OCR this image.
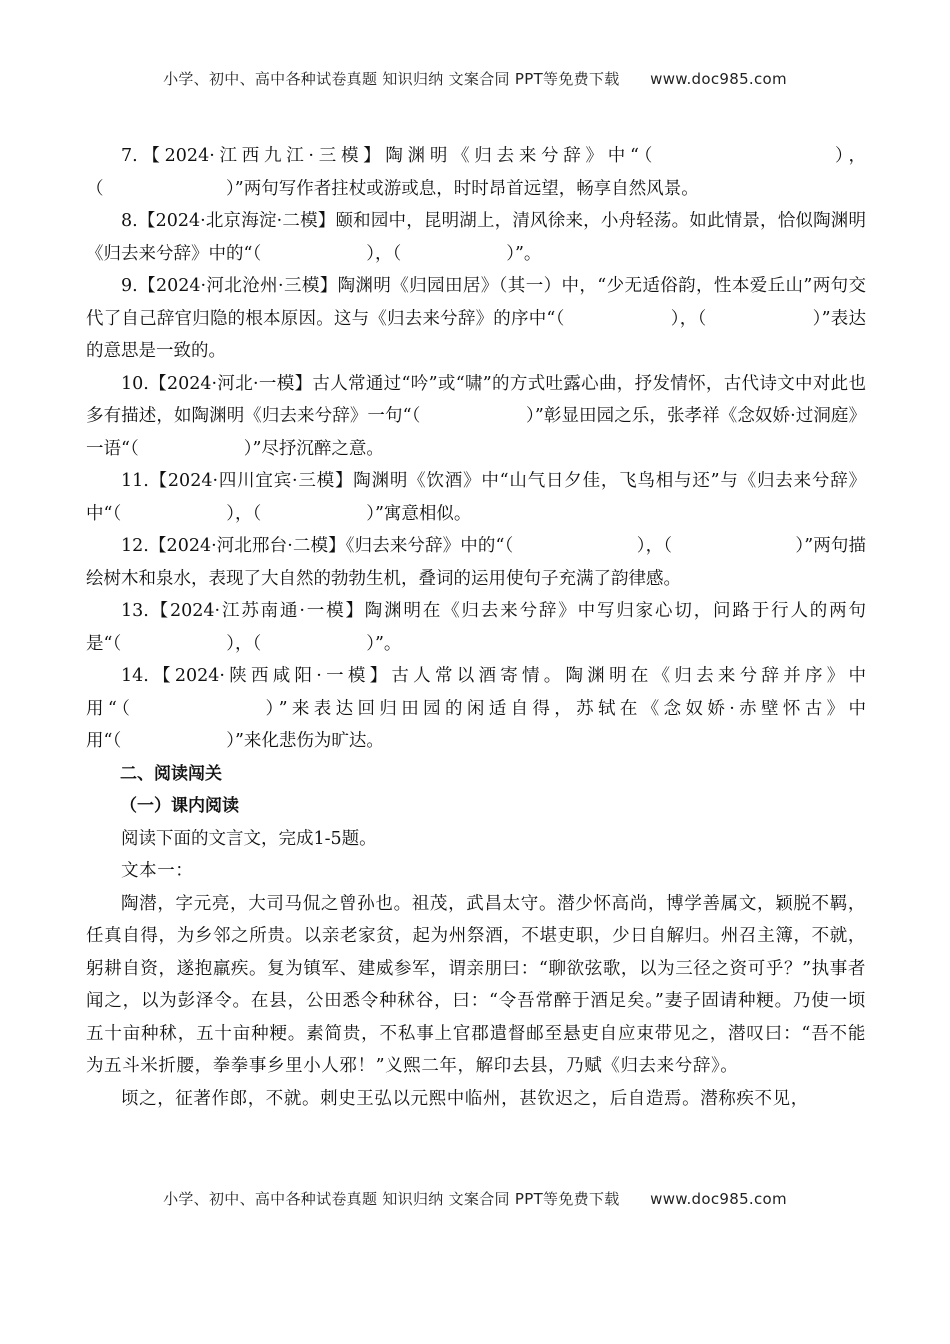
小学、初中、高中各种试卷真题 知识归纳 文案合同 PPT等免费下载　　www.doc985.com

7.【2024·江西九江·三模】陶渊明《归去来兮辞》中“（　　　　　　　　），（　　　　　　　）”两句写作者拄杖或游或息，时时昂首远望，畅享自然风景。

8.【2024·北京海淀·二模】颐和园中，昆明湖上，清风徐来，小舟轻荡。如此情景，恰似陶渊明《归去来兮辞》中的“（　　　　　　），（　　　　　　）”。

9.【2024·河北沧州·三模】陶渊明《归园田居》（其一）中，“少无适俗韵，性本爱丘山”两句交代了自己辞官归隐的根本原因。这与《归去来兮辞》的序中“（　　　　　　），（　　　　　　）”表达的意思是一致的。

10.【2024·河北·一模】古人常通过“吟”或“啸”的方式吐露心曲，抒发情怀，古代诗文中对此也多有描述，如陶渊明《归去来兮辞》一句“（　　　　　　）”彰显田园之乐，张孝祥《念奴娇·过洞庭》一语“（　　　　　　）”尽抒沉醉之意。

11.【2024·四川宜宾·三模】陶渊明《饮酒》中“山气日夕佳，飞鸟相与还”与《归去来兮辞》中“（　　　　　　），（　　　　　　）”寓意相似。

12.【2024·河北邢台·二模】《归去来兮辞》中的“（　　　　　　　），（　　　　　　　）”两句描绘树木和泉水，表现了大自然的勃勃生机，叠词的运用使句子充满了韵律感。

13.【2024·江苏南通·一模】陶渊明在《归去来兮辞》中写归家心切，问路于行人的两句是“（　　　　　　），（　　　　　　）”。

14.【2024·陕西咸阳·一模】古人常以酒寄情。陶渊明在《归去来兮辞并序》中用“（　　　　　　）”来表达回归田园的闲适自得，苏轼在《念奴娇·赤壁怀古》中用“（　　　　　　）”来化悲伤为旷达。

二、阅读闯关

（一）课内阅读

阅读下面的文言文，完成1-5题。

文本一：

陶潜，字元亮，大司马侃之曾孙也。祖茂，武昌太守。潜少怀高尚，博学善属文，颖脱不羁，任真自得，为乡邻之所贵。以亲老家贫，起为州祭酒，不堪吏职，少日自解归。州召主簿，不就，躬耕自资，遂抱羸疾。复为镇军、建威参军，谓亲朋曰：“聊欲弦歌，以为三径之资可乎？”执事者闻之，以为彭泽令。在县，公田悉令种秫谷，曰：“令吾常醉于酒足矣。”妻子固请种粳。乃使一顷五十亩种秫，五十亩种粳。素简贵，不私事上官郡遣督邮至悬吏自应束带见之，潜叹曰：“吾不能为五斗米折腰，拳拳事乡里小人邪！”义熙二年，解印去县，乃赋《归去来兮辞》。

顷之，征著作郎，不就。刺史王弘以元熙中临州，甚钦迟之，后自造焉。潜称疾不见，

小学、初中、高中各种试卷真题 知识归纳 文案合同 PPT等免费下载　　www.doc985.com
